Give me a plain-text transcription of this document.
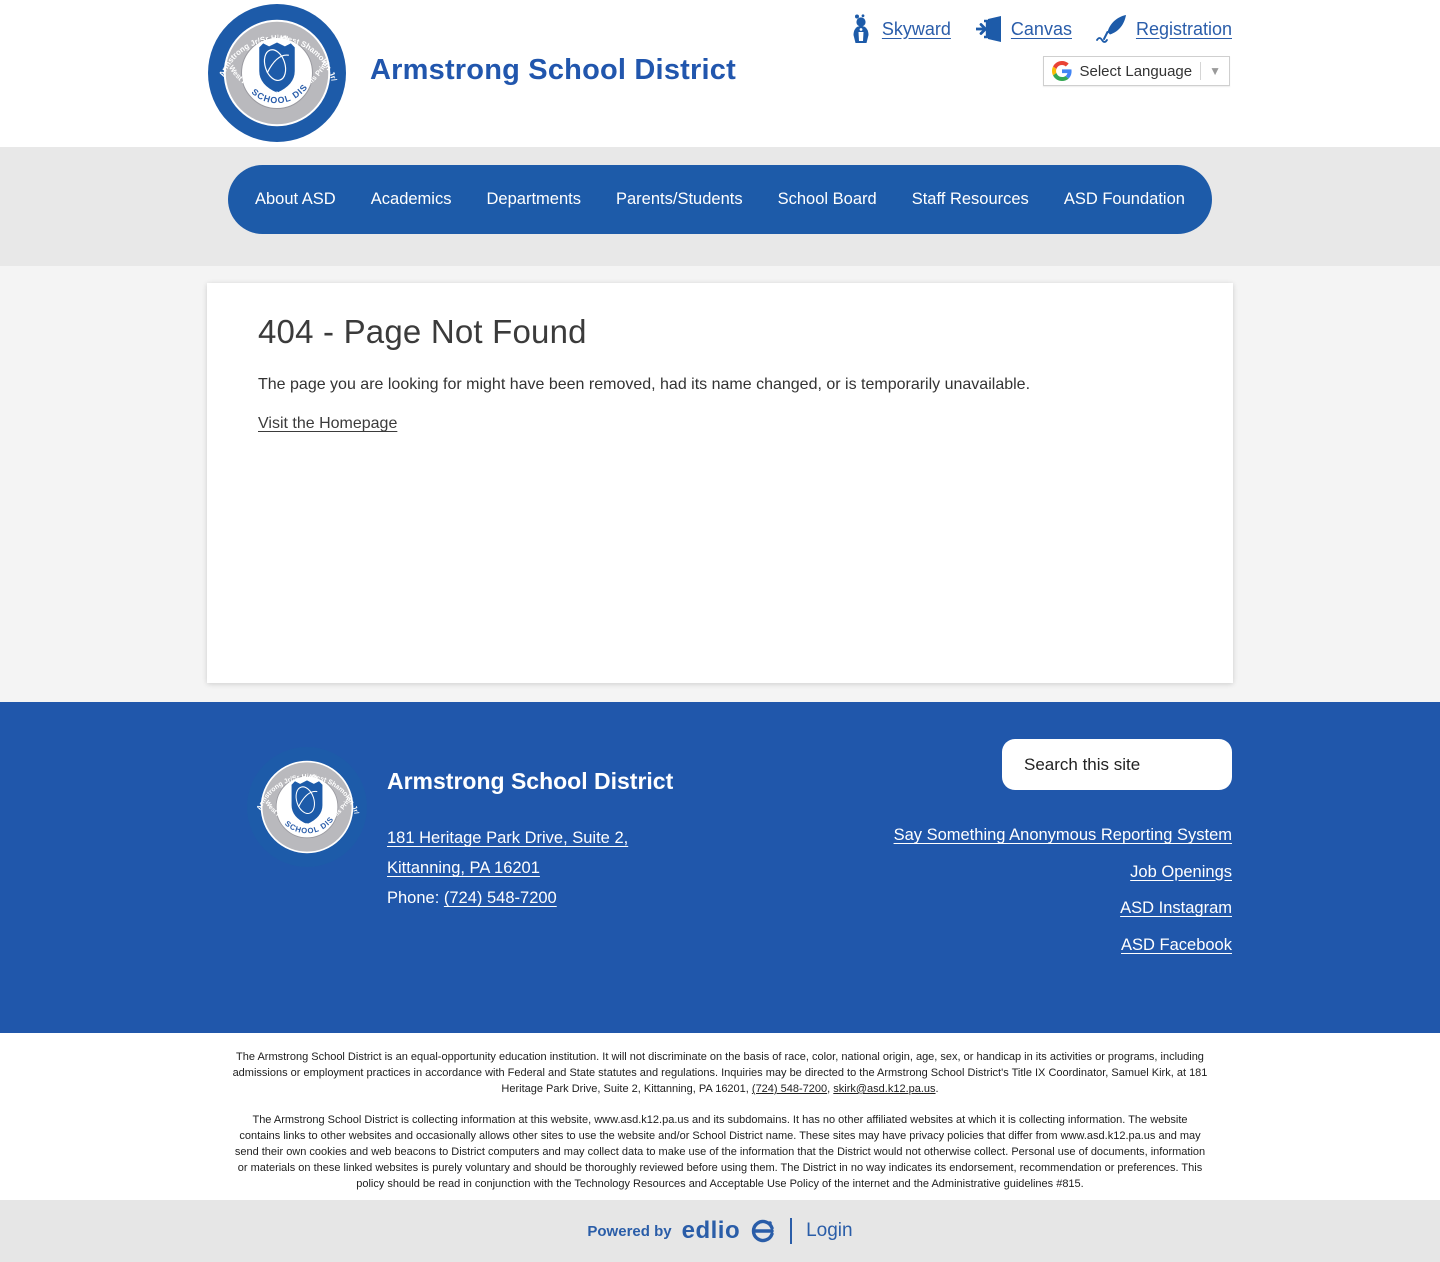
Armstrong School District
Skyward	Canvas	Registration
Select Language ▼
About ASD	Academics	Departments	Parents/Students	School Board	Staff Resources	ASD Foundation
404 - Page Not Found

The page you are looking for might have been removed, had its name changed, or is temporarily unavailable.

Visit the Homepage
Armstrong School District
181 Heritage Park Drive, Suite 2,
Kittanning, PA 16201
Phone: (724) 548-7200
Search this site
Say Something Anonymous Reporting System
Job Openings
ASD Instagram
ASD Facebook

The Armstrong School District is an equal-opportunity education institution. It will not discriminate on the basis of race, color, national origin, age, sex, or handicap in its activities or programs, including admissions or employment practices in accordance with Federal and State statutes and regulations. Inquiries may be directed to the Armstrong School District's Title IX Coordinator, Samuel Kirk, at 181 Heritage Park Drive, Suite 2, Kittanning, PA 16201, (724) 548-7200, skirk@asd.k12.pa.us.

The Armstrong School District is collecting information at this website, www.asd.k12.pa.us and its subdomains. It has no other affiliated websites at which it is collecting information. The website contains links to other websites and occasionally allows other sites to use the website and/or School District name. These sites may have privacy policies that differ from www.asd.k12.pa.us and may send their own cookies and web beacons to District computers and may collect data to make use of the information that the District would not otherwise collect. Personal use of documents, information or materials on these linked websites is purely voluntary and should be thoroughly reviewed before using them. The District in no way indicates its endorsement, recommendation or preferences. This policy should be read in conjunction with the Technology Resources and Acceptable Use Policy of the internet and the Administrative guidelines #815.

Powered by edlio	Login
